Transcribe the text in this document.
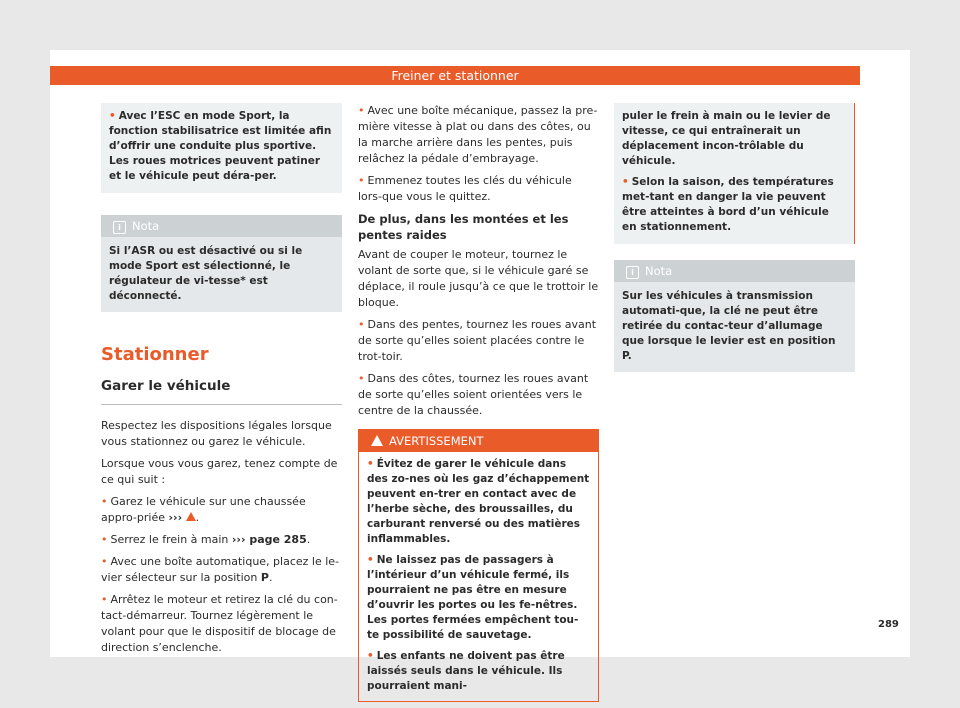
Freiner et stationner
• Avec l’ESC en mode Sport, la fonction stabilisatrice est limitée afin d’offrir une conduite plus sportive. Les roues motrices peuvent patiner et le véhicule peut déra-per.
i Nota
Si l’ASR ou est désactivé ou si le mode Sport est sélectionné, le régulateur de vi-tesse* est déconnecté.
Stationner
Garer le véhicule

Respectez les dispositions légales lorsque vous stationnez ou garez le véhicule.

Lorsque vous vous garez, tenez compte de ce qui suit :

• Garez le véhicule sur une chaussée appro-priée ››› .

• Serrez le frein à main ››› page 285.

• Avec une boîte automatique, placez le le-vier sélecteur sur la position P.

• Arrêtez le moteur et retirez la clé du con-tact-démarreur. Tournez légèrement le volant pour que le dispositif de blocage de direction s’enclenche.

• Avec une boîte mécanique, passez la pre-mière vitesse à plat ou dans des côtes, ou la marche arrière dans les pentes, puis relâchez la pédale d’embrayage.

• Emmenez toutes les clés du véhicule lors-que vous le quittez.

De plus, dans les montées et les pentes raides

Avant de couper le moteur, tournez le volant de sorte que, si le véhicule garé se déplace, il roule jusqu’à ce que le trottoir le bloque.

• Dans des pentes, tournez les roues avant de sorte qu’elles soient placées contre le trot-toir.

• Dans des côtes, tournez les roues avant de sorte qu’elles soient orientées vers le centre de la chaussée.

AVERTISSEMENT

• Évitez de garer le véhicule dans des zo-nes où les gaz d’échappement peuvent en-trer en contact avec de l’herbe sèche, des broussailles, du carburant renversé ou des matières inflammables.

• Ne laissez pas de passagers à l’intérieur d’un véhicule fermé, ils pourraient ne pas être en mesure d’ouvrir les portes ou les fe-nêtres. Les portes fermées empêchent tou-te possibilité de sauvetage.

• Les enfants ne doivent pas être laissés seuls dans le véhicule. Ils pourraient mani-

puler le frein à main ou le levier de vitesse, ce qui entraînerait un déplacement incon-trôlable du véhicule.

• Selon la saison, des températures met-tant en danger la vie peuvent être atteintes à bord d’un véhicule en stationnement.

i Nota
Sur les véhicules à transmission automati-que, la clé ne peut être retirée du contac-teur d’allumage que lorsque le levier est en position P.
289
